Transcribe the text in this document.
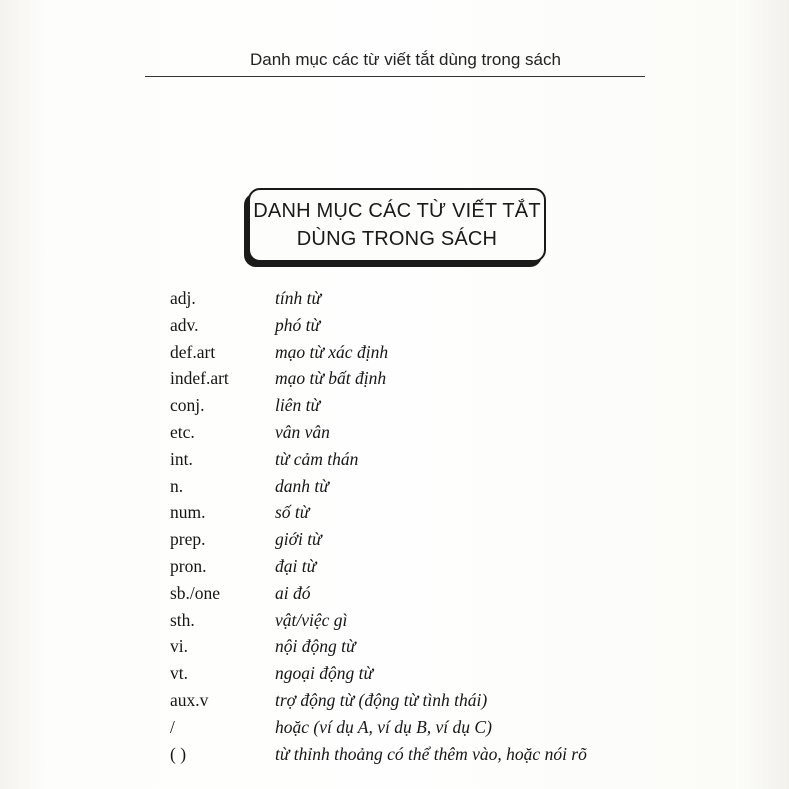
Danh mục các từ viết tắt dùng trong sách
DANH MỤC CÁC TỪ VIẾT TẮT
DÙNG TRONG SÁCH
adj.	tính từ
adv.	phó từ
def.art	mạo từ xác định
indef.art	mạo từ bất định
conj.	liên từ
etc.	vân vân
int.	từ cảm thán
n.	danh từ
num.	số từ
prep.	giới từ
pron.	đại từ
sb./one	ai đó
sth.	vật/việc gì
vi.	nội động từ
vt.	ngoại động từ
aux.v	trợ động từ (động từ tình thái)
/	hoặc (ví dụ A, ví dụ B, ví dụ C)
( )	từ thỉnh thoảng có thể thêm vào, hoặc nói rõ
